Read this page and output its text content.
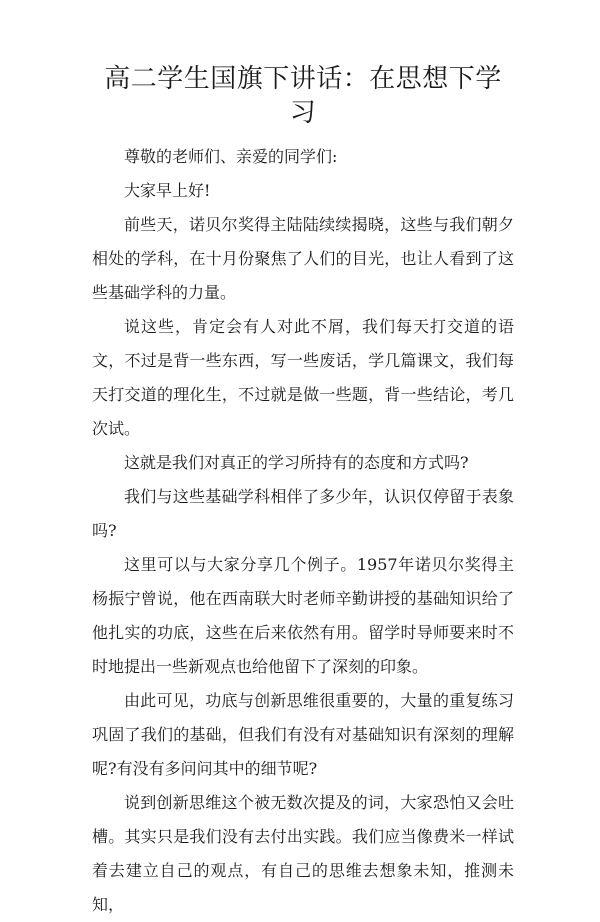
高二学生国旗下讲话：在思想下学习

尊敬的老师们、亲爱的同学们:

大家早上好!

前些天，诺贝尔奖得主陆陆续续揭晓，这些与我们朝夕相处的学科，在十月份聚焦了人们的目光，也让人看到了这些基础学科的力量。

说这些，肯定会有人对此不屑，我们每天打交道的语文，不过是背一些东西，写一些废话，学几篇课文，我们每天打交道的理化生，不过就是做一些题，背一些结论，考几次试。

这就是我们对真正的学习所持有的态度和方式吗?

我们与这些基础学科相伴了多少年，认识仅停留于表象吗?

这里可以与大家分享几个例子。1957年诺贝尔奖得主杨振宁曾说，他在西南联大时老师辛勤讲授的基础知识给了他扎实的功底，这些在后来依然有用。留学时导师要来时不时地提出一些新观点也给他留下了深刻的印象。

由此可见，功底与创新思维很重要的，大量的重复练习巩固了我们的基础，但我们有没有对基础知识有深刻的理解呢?有没有多问问其中的细节呢?

说到创新思维这个被无数次提及的词，大家恐怕又会吐槽。其实只是我们没有去付出实践。我们应当像费米一样试着去建立自己的观点，有自己的思维去想象未知，推测未知，
